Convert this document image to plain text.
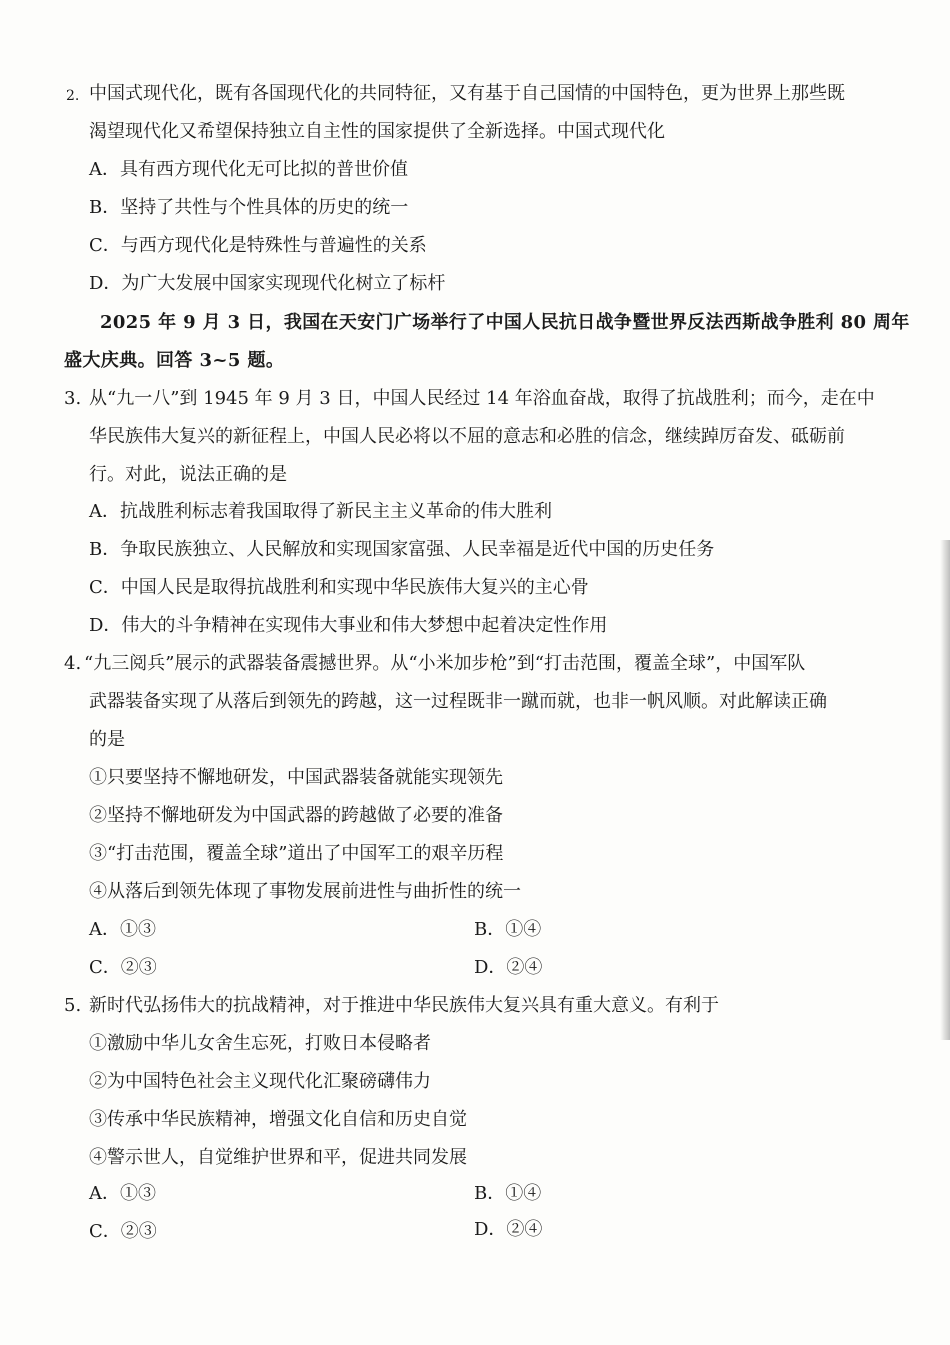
2. 中国式现代化，既有各国现代化的共同特征，又有基于自己国情的中国特色，更为世界上那些既
渴望现代化又希望保持独立自主性的国家提供了全新选择。中国式现代化
A．具有西方现代化无可比拟的普世价值
B．坚持了共性与个性具体的历史的统一
C．与西方现代化是特殊性与普遍性的关系
D．为广大发展中国家实现现代化树立了标杆
2025 年 9 月 3 日，我国在天安门广场举行了中国人民抗日战争暨世界反法西斯战争胜利 80 周年
盛大庆典。回答 3~5 题。
3. 从“九一八”到 1945 年 9 月 3 日，中国人民经过 14 年浴血奋战，取得了抗战胜利；而今，走在中
华民族伟大复兴的新征程上，中国人民必将以不屈的意志和必胜的信念，继续踔厉奋发、砥砺前
行。对此，说法正确的是
A．抗战胜利标志着我国取得了新民主主义革命的伟大胜利
B．争取民族独立、人民解放和实现国家富强、人民幸福是近代中国的历史任务
C．中国人民是取得抗战胜利和实现中华民族伟大复兴的主心骨
D．伟大的斗争精神在实现伟大事业和伟大梦想中起着决定性作用
4. “九三阅兵”展示的武器装备震撼世界。从“小米加步枪”到“打击范围，覆盖全球”，中国军队
武器装备实现了从落后到领先的跨越，这一过程既非一蹴而就，也非一帆风顺。对此解读正确
的是
①只要坚持不懈地研发，中国武器装备就能实现领先
②坚持不懈地研发为中国武器的跨越做了必要的准备
③“打击范围，覆盖全球”道出了中国军工的艰辛历程
④从落后到领先体现了事物发展前进性与曲折性的统一
A．①③	B．①④
C．②③	D．②④
5. 新时代弘扬伟大的抗战精神，对于推进中华民族伟大复兴具有重大意义。有利于
①激励中华儿女舍生忘死，打败日本侵略者
②为中国特色社会主义现代化汇聚磅礴伟力
③传承中华民族精神，增强文化自信和历史自觉
④警示世人，自觉维护世界和平，促进共同发展
A．①③	B．①④
C．②③	D．②④
